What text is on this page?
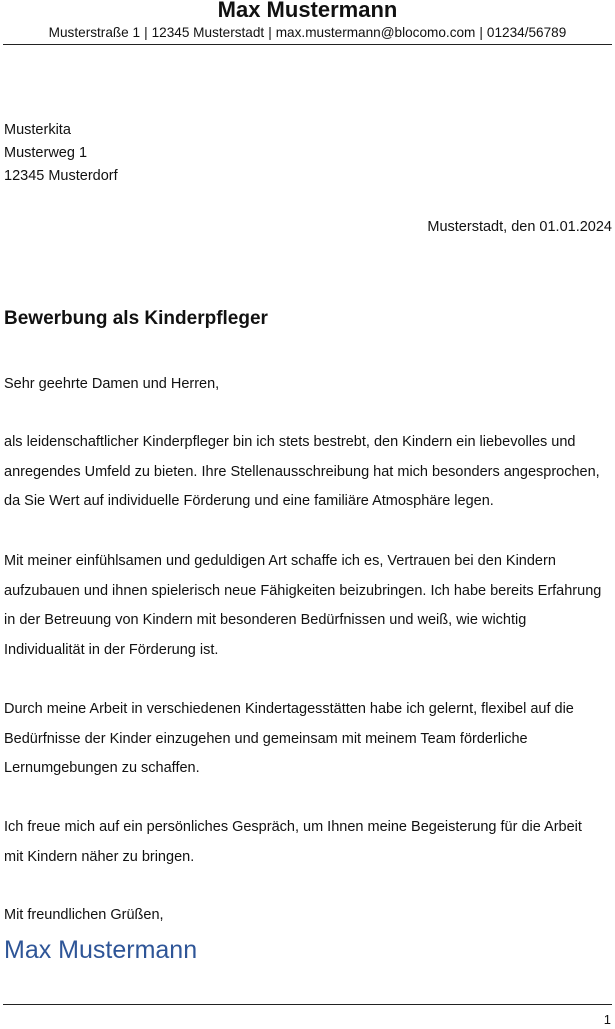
Max Mustermann
Musterstraße 1 | 12345 Musterstadt | max.mustermann@blocomo.com | 01234/56789
Musterkita
Musterweg 1
12345 Musterdorf
Musterstadt, den 01.01.2024
Bewerbung als Kinderpfleger
Sehr geehrte Damen und Herren,
als leidenschaftlicher Kinderpfleger bin ich stets bestrebt, den Kindern ein liebevolles und
anregendes Umfeld zu bieten. Ihre Stellenausschreibung hat mich besonders angesprochen,
da Sie Wert auf individuelle Förderung und eine familiäre Atmosphäre legen.
Mit meiner einfühlsamen und geduldigen Art schaffe ich es, Vertrauen bei den Kindern
aufzubauen und ihnen spielerisch neue Fähigkeiten beizubringen. Ich habe bereits Erfahrung
in der Betreuung von Kindern mit besonderen Bedürfnissen und weiß, wie wichtig
Individualität in der Förderung ist.
Durch meine Arbeit in verschiedenen Kindertagesstätten habe ich gelernt, flexibel auf die
Bedürfnisse der Kinder einzugehen und gemeinsam mit meinem Team förderliche
Lernumgebungen zu schaffen.
Ich freue mich auf ein persönliches Gespräch, um Ihnen meine Begeisterung für die Arbeit
mit Kindern näher zu bringen.
Mit freundlichen Grüßen,
Max Mustermann
1
